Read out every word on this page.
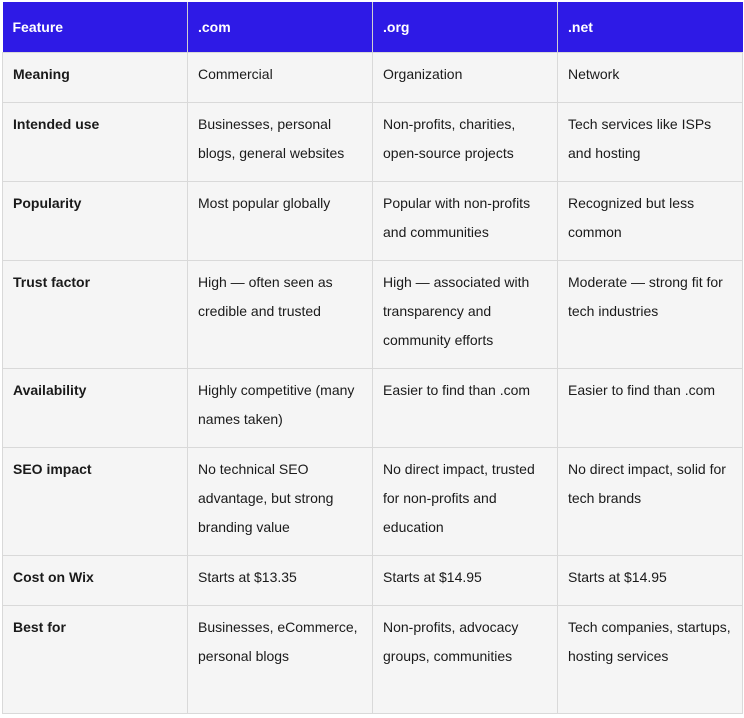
Feature	.com	.org	.net

Meaning	Commercial	Organization	Network

Intended use	Businesses, personal blogs, general websites	Non-profits, charities, open-source projects	Tech services like ISPs and hosting

Popularity	Most popular globally	Popular with non-profits and communities	Recognized but less common

Trust factor	High — often seen as credible and trusted	High — associated with transparency and community efforts	Moderate — strong fit for tech industries

Availability	Highly competitive (many names taken)	Easier to find than .com	Easier to find than .com

SEO impact	No technical SEO advantage, but strong branding value	No direct impact, trusted for non-profits and education	No direct impact, solid for tech brands

Cost on Wix	Starts at $13.35	Starts at $14.95	Starts at $14.95

Best for	Businesses, eCommerce, personal blogs	Non-profits, advocacy groups, communities	Tech companies, startups, hosting services
